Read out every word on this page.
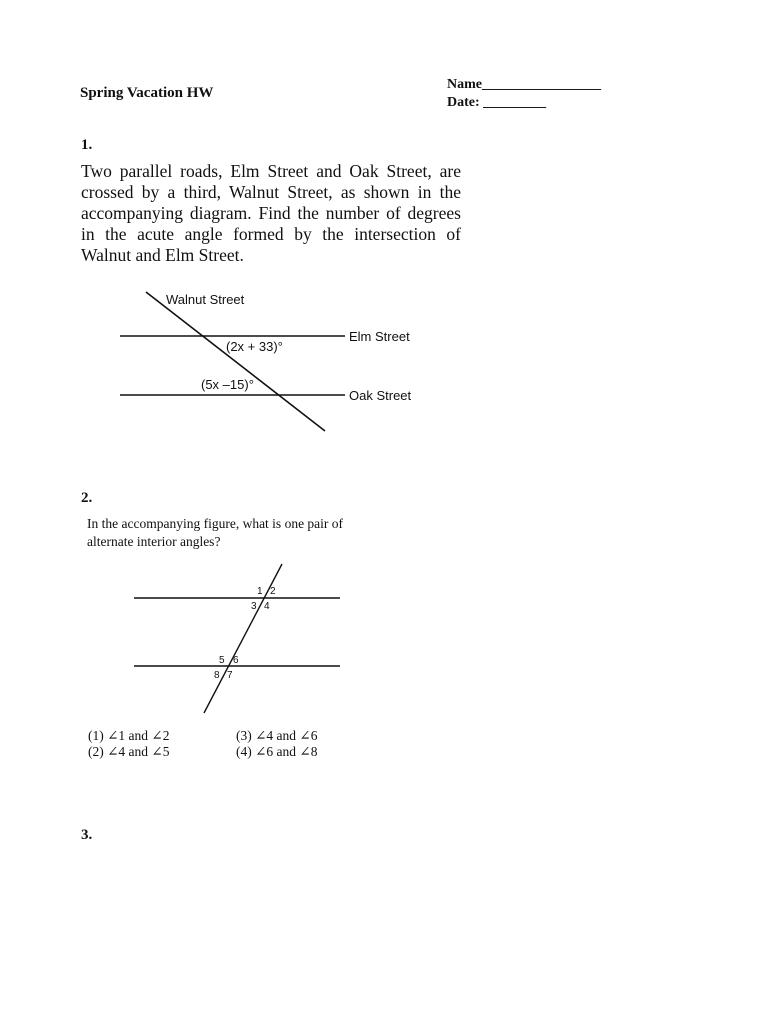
Spring Vacation HW
Name_________________
Date: _________
1.
Two parallel roads, Elm Street and Oak Street, are crossed by a third, Walnut Street, as shown in the accompanying diagram. Find the number of degrees in the acute angle formed by the intersection of Walnut and Elm Street.
Walnut Street
Elm Street
Oak Street
(2x + 33)°
(5x –15)°
1 2
3 4
5 6
8 7
2.
In the accompanying figure, what is one pair of alternate interior angles?
(1) ∠1 and ∠2
(2) ∠4 and ∠5
(3) ∠4 and ∠6
(4) ∠6 and ∠8
3.
